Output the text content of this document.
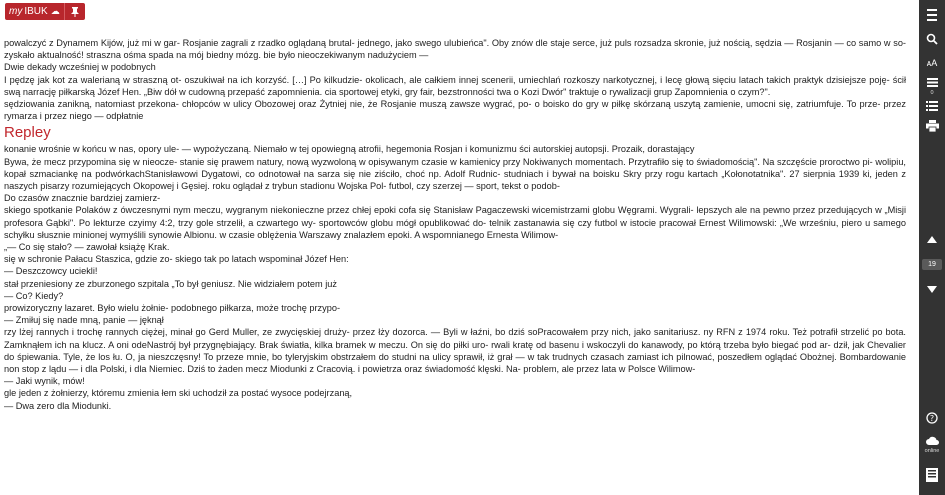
my IBUK ☁

powalczyć z Dynamem Kijów, już mi w gar- Rosjanie zagrali z rzadko oglądaną brutal- jednego, jako swego ulubieńca". Oby znów dle staje serce, już puls rozsadza skronie, już nością, sędzia — Rosjanin — co samo w so- zyskało aktualność! straszna ośma spada na mój biedny mózg. bie było nieoczekiwanym nadużyciem —

Dwie dekady wcześniej w podobnych

I pędzę jak kot za walerianą w straszną ot- oszukiwał na ich korzyść. […] Po kilkudzie- okolicach, ale całkiem innej scenerii, umiechlań rozkoszy narkotycznej, i lecę głową sięciu latach takich praktyk dzisiejsze poję- ścił swą narrację piłkarską Józef Hen. „Biw dół w cudowną przepaść zapomnienia. cia sportowej etyki, gry fair, bezstronności twa o Kozi Dwór" traktuje o rywalizacji grup Zapomnienia o czym?".

sędziowania zanikną, natomiast przekona- chłopców w ulicy Obozowej oraz Żytniej nie, że Rosjanie muszą zawsze wygrać, po- o boisko do gry w piłkę skórzaną uszytą zamienie, umocni się, zatriumfuje. To prze- przez rymarza i przez niego — odpłatnie

Repley

konanie wrośnie w końcu w nas, opory ule- — wypożyczaną. Niemało w tej opowiegną atrofii, hegemonia Rosjan i komunizmu ści autorskiej autopsji. Prozaik, dorastający

Bywa, że mecz przypomina się w nieocze- stanie się prawem natury, nową wyzwoloną w opisywanym czasie w kamienicy przy Nokiwanych momentach. Przytrafiło się to świadomością". Na szczęście proroctwo pi- wolipiu, kopał szmaciankę na podwórkachStanisławowi Dygatowi, co odnotował na sarza się nie ziściło, choć np. Adolf Rudnic- studniach i bywał na boisku Skry przy rogu kartach „Kołonotatnika". 27 sierpnia 1939 ki, jeden z naszych pisarzy rozumiejących Okopowej i Gęsiej. roku oglądał z trybun stadionu Wojska Pol- futbol, czy szerzej — sport, tekst o podob-

Do czasów znacznie bardziej zamierz-

skiego spotkanie Polaków z ówczesnymi nym meczu, wygranym niekonieczne przez chłej epoki cofa się Stanisław Pagaczewski wicemistrzami globu Węgrami. Wygrali- lepszych ale na pewno przez przedujących w „Misji profesora Gąbki". Po lekturze czyimy 4:2, trzy gole strzelił, a czwartego wy- sportowców globu mógł opublikować do- telnik zastanawia się czy futbol w istocie pracował Ernest Wilimowski: „We wrześniu, piero u samego schyłku słusznie minionej wymyślili synowie Albionu. w czasie oblężenia Warszawy znalazłem epoki. A wspomnianego Ernesta Wilimow-

„— Co się stało? — zawołał książę Krak.

się w schronie Pałacu Staszica, gdzie zo- skiego tak po latach wspominał Józef Hen:

— Deszczowcy uciekli!

stał przeniesiony ze zburzonego szpitala „To był geniusz. Nie widziałem potem już

— Co? Kiedy?

prowizoryczny lazaret. Było wielu żołnie- podobnego piłkarza, może trochę przypo-

— Zmiłuj się nade mną, panie — jęknął

rzy lżej rannych i trochę rannych ciężej, minał go Gerd Muller, ze zwycięskiej druży- przez łży dozorca. — Byli w łaźni, bo dziś soPracowałem przy nich, jako sanitariusz. ny RFN z 1974 roku. Też potrafił strzelić po bota. Zamknąłem ich na klucz. A oni odeNastrój był przygnębiający. Brak światła, kilka bramek w meczu. On się do piłki uro- rwali kratę od basenu i wskoczyli do kanawody, po którą trzeba było biegać pod ar- dził, jak Chevalier do śpiewania. Tyle, że los łu. O, ja nieszczęsny! To przeze mnie, bo tyleryjskim obstrzałem do studni na ulicy sprawił, iż grał — w tak trudnych czasach zamiast ich pilnować, poszedłem oglądać Obożnej. Bombardowanie non stop z lądu — i dla Polski, i dla Niemiec. Dziś to żaden mecz Miodunki z Cracovią. i powietrza oraz świadomość klęski. Na- problem, ale przez lata w Polsce Wilimow-

— Jaki wynik, mów!

gle jeden z żołnierzy, któremu zmienia łem ski uchodził za postać wysoce podejrzaną,

— Dwa zero dla Miodunki.

ᴀA
0
19
?
online
